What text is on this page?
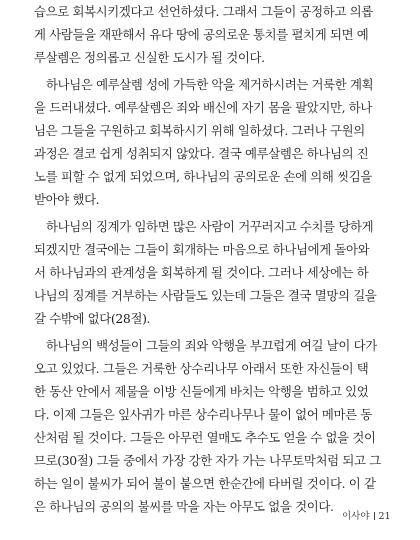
습으로 회복시키겠다고 선언하셨다. 그래서 그들이 공정하고 의롭
게 사람들을 재판해서 유다 땅에 공의로운 통치를 펼치게 되면 예
루살렘은 정의롭고 신실한 도시가 될 것이다.
하나님은 예루살렘 성에 가득한 악을 제거하시려는 거룩한 계획
을 드러내셨다. 예루살렘은 죄와 배신에 자기 몸을 팔았지만, 하나
님은 그들을 구원하고 회복하시기 위해 일하셨다. 그러나 구원의
과정은 결코 쉽게 성취되지 않았다. 결국 예루살렘은 하나님의 진
노를 피할 수 없게 되었으며, 하나님의 공의로운 손에 의해 씻김을
받아야 했다.
하나님의 징계가 임하면 많은 사람이 거꾸러지고 수치를 당하게
되겠지만 결국에는 그들이 회개하는 마음으로 하나님에게 돌아와
서 하나님과의 관계성을 회복하게 될 것이다. 그러나 세상에는 하
나님의 징계를 거부하는 사람들도 있는데 그들은 결국 멸망의 길을
갈 수밖에 없다(28절).
하나님의 백성들이 그들의 죄와 악행을 부끄럽게 여길 날이 다가
오고 있었다. 그들은 거룩한 상수리나무 아래서 또한 자신들이 택
한 동산 안에서 제물을 이방 신들에게 바치는 악행을 범하고 있었
다. 이제 그들은 잎사귀가 마른 상수리나무나 물이 없어 메마른 동
산처럼 될 것이다. 그들은 아무런 열매도 추수도 얻을 수 없을 것이
므로(30절) 그들 중에서 가장 강한 자가 가는 나무토막처럼 되고 그
하는 일이 불씨가 되어 불이 붙으면 한순간에 타버릴 것이다. 이 같
은 하나님의 공의의 불씨를 막을 자는 아무도 없을 것이다.
이사야 21
